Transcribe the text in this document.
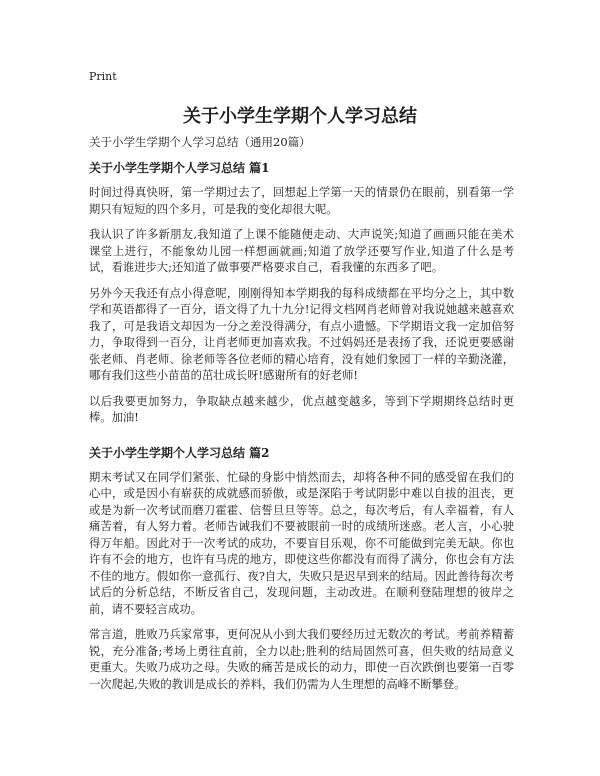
Print
关于小学生学期个人学习总结

关于小学生学期个人学习总结（通用20篇）

关于小学生学期个人学习总结 篇1

时间过得真快呀，第一学期过去了，回想起上学第一天的情景仍在眼前，别看第一学期只有短短的四个多月，可是我的变化却很大呢。

我认识了许多新朋友,我知道了上课不能随便走动、大声说笑;知道了画画只能在美术课堂上进行，不能象幼儿园一样想画就画;知道了放学还要写作业,知道了什么是考试，看谁进步大;还知道了做事要严格要求自己，看我懂的东西多了吧。

另外今天我还有点小得意呢，刚刚得知本学期我的每科成绩都在平均分之上，其中数学和英语都得了一百分，语文得了九十九分!记得文档网肖老师曾对我说她越来越喜欢我了，可是我语文却因为一分之差没得满分，有点小遗憾。下学期语文我一定加倍努力，争取得到一百分，让肖老师更加喜欢我。不过妈妈还是表扬了我，还说更要感谢张老师、肖老师、徐老师等各位老师的精心培育，没有她们象园丁一样的辛勤浇灌，哪有我们这些小苗苗的茁壮成长呀!感谢所有的好老师!

以后我要更加努力，争取缺点越来越少，优点越变越多，等到下学期期终总结时更棒。加油!

关于小学生学期个人学习总结 篇2

期末考试又在同学们紧张、忙碌的身影中悄然而去，却将各种不同的感受留在我们的心中，或是因小有崭获的成就感而骄傲，或是深陷于考试阴影中难以自拔的沮丧，更或是为新一次考试而磨刀霍霍、信誓旦旦等等。总之，每次考后，有人幸福着，有人痛苦着，有人努力着。老师告诫我们不要被眼前一时的成绩所迷惑。老人言，小心驶得万年船。因此对于一次考试的成功，不要盲目乐观，你不可能做到完美无缺。你也许有不会的地方，也许有马虎的地方，即使这些你都没有而得了满分，你也会有方法不佳的地方。假如你一意孤行、夜?自大，失败只是迟早到来的结局。因此善待每次考试后的分析总结，不断反省自己，发现问题，主动改进。在顺利登陆理想的彼岸之前，请不要轻言成功。

常言道，胜败乃兵家常事，更何况从小到大我们要经历过无数次的考试。考前养精蓄锐，充分准备;考场上勇往直前，全力以赴;胜利的结局固然可喜，但失败的结局意义更重大。失败乃成功之母。失败的痛苦是成长的动力，即使一百次跌倒也要第一百零一次爬起,失败的教训是成长的养料，我们仍需为人生理想的高峰不断攀登。
